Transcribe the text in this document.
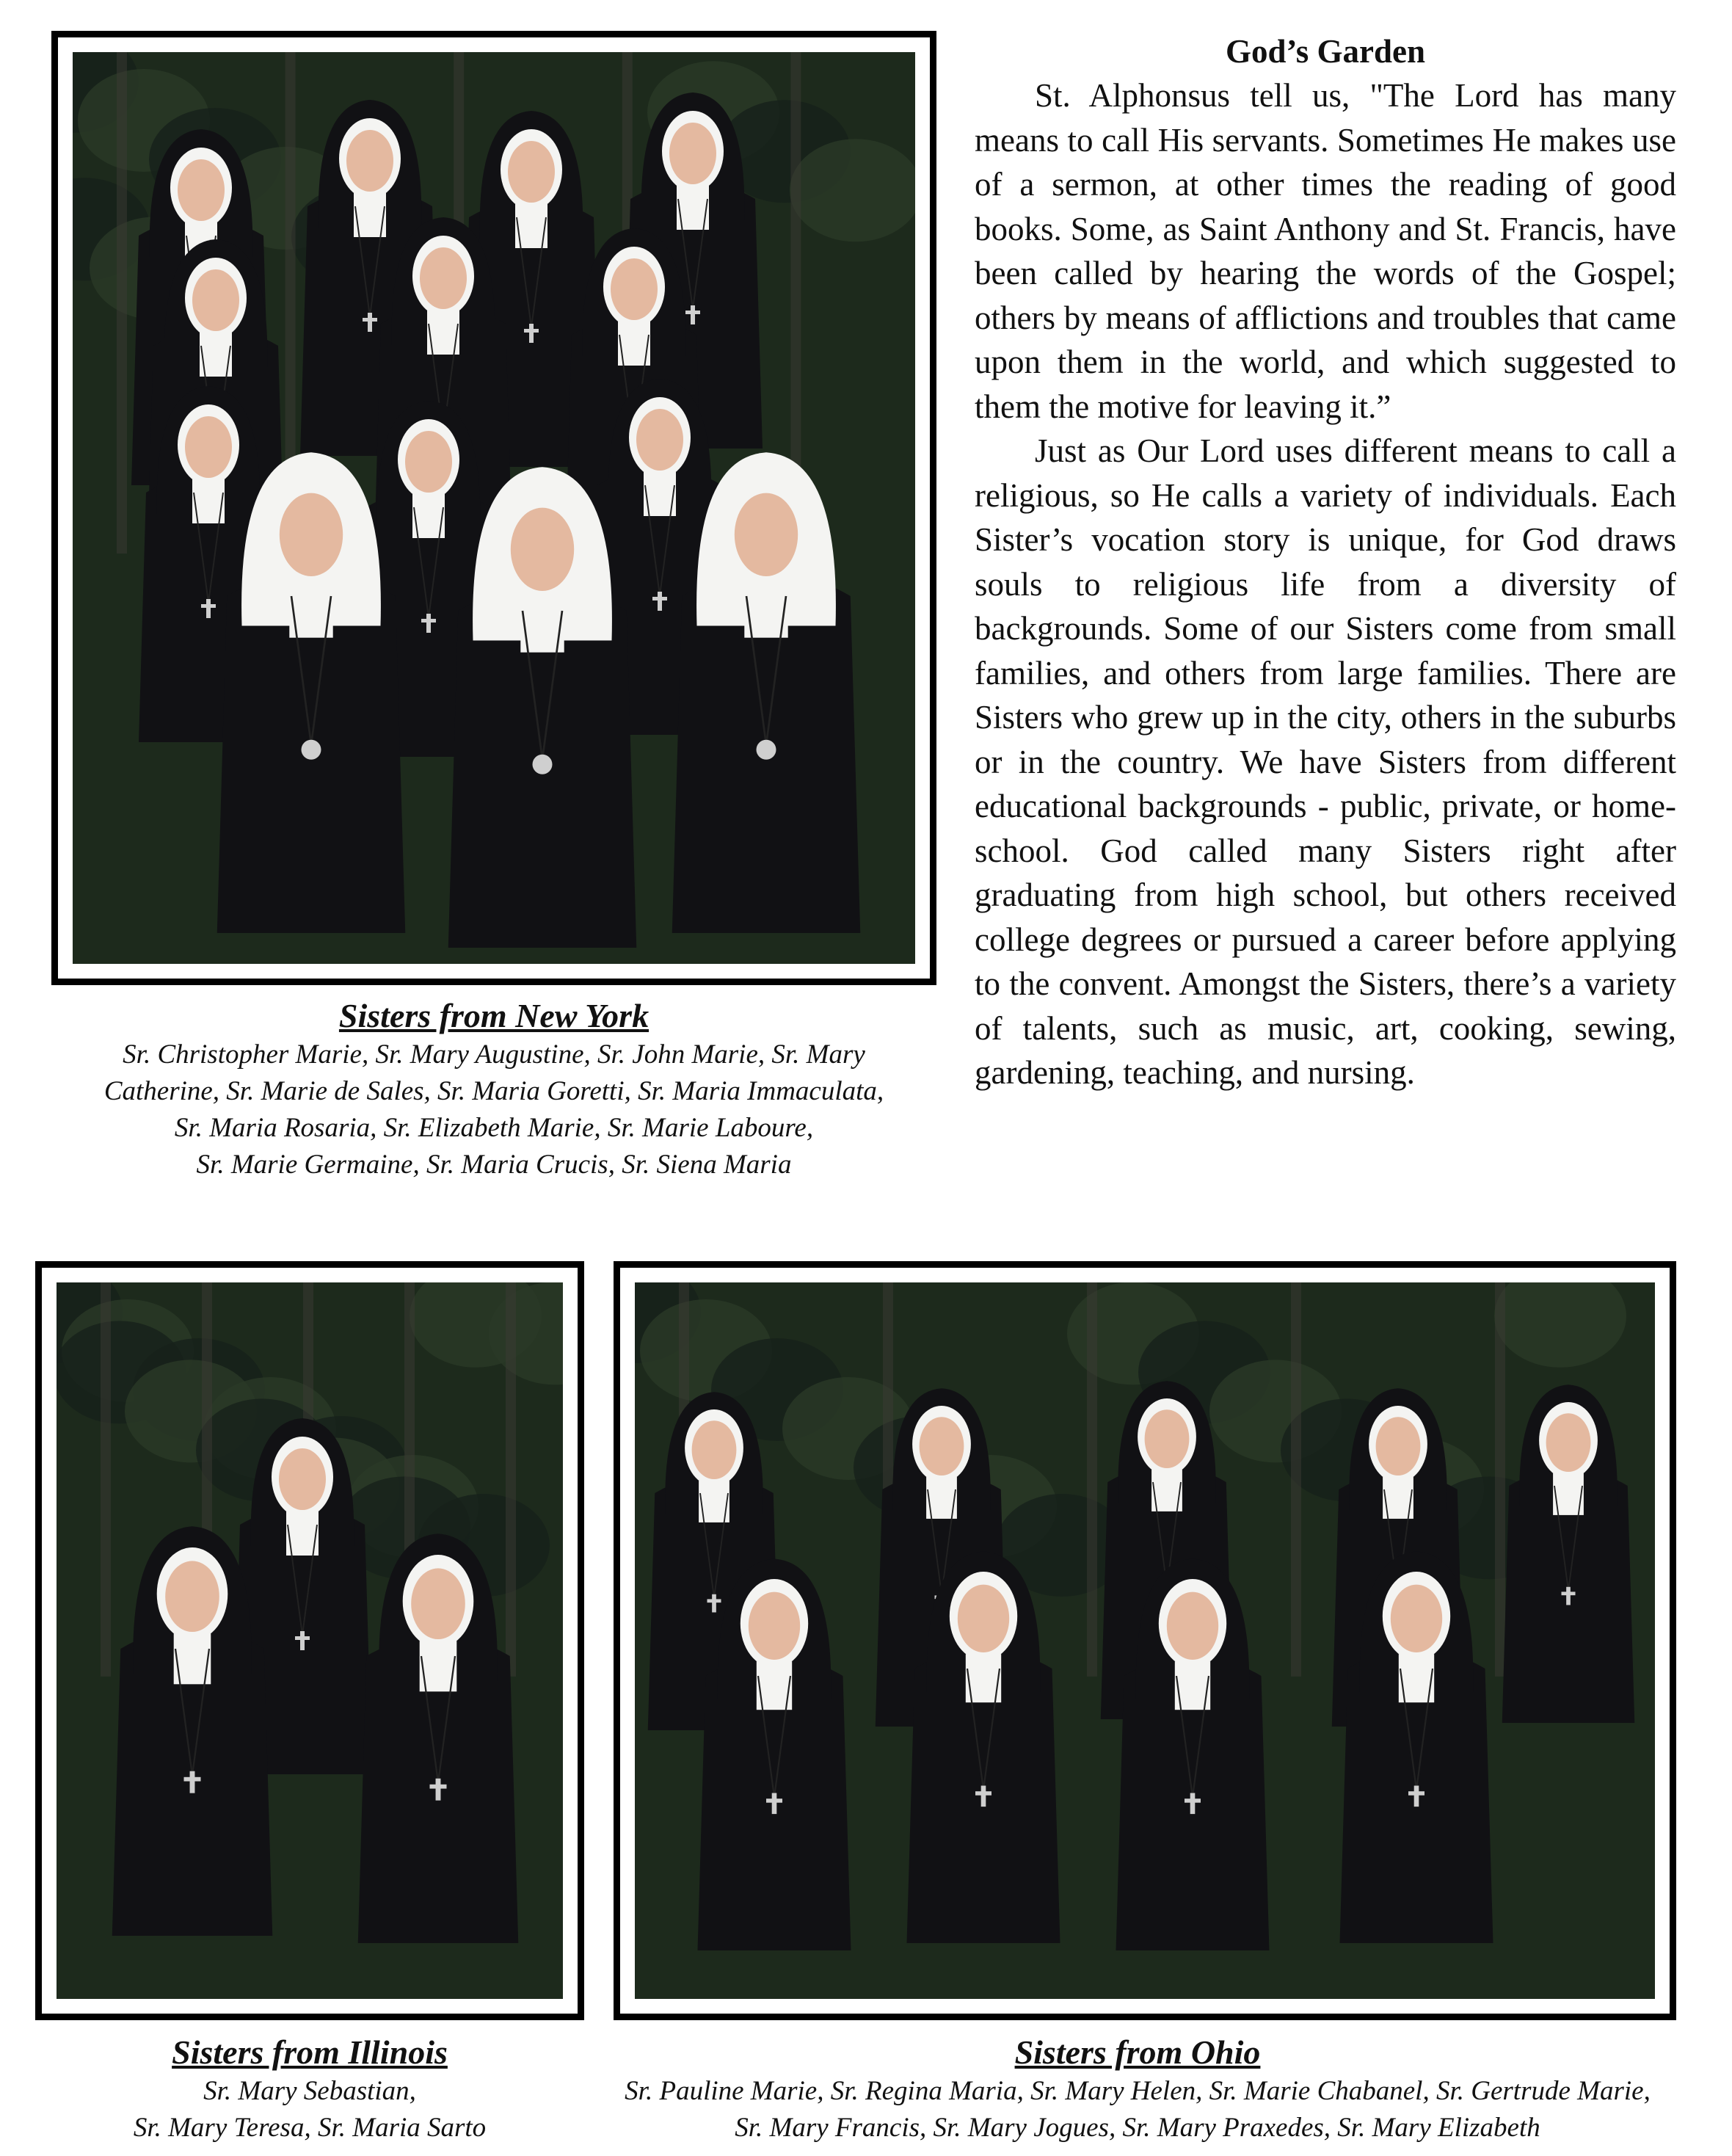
God’s Garden

St. Alphonsus tell us, "The Lord has many means to call His servants. Sometimes He makes use of a sermon, at other times the reading of good books. Some, as Saint Anthony and St. Francis, have been called by hearing the words of the Gospel; others by means of afflictions and troubles that came upon them in the world, and which suggested to them the motive for leaving it.”

Just as Our Lord uses different means to call a religious, so He calls a variety of individuals. Each Sister’s vocation story is unique, for God draws souls to religious life from a diversity of backgrounds. Some of our Sisters come from small families, and others from large families. There are Sisters who grew up in the city, others in the suburbs or in the country. We have Sisters from different educational backgrounds - public, private, or home-school. God called many Sisters right after graduating from high school, but others received college degrees or pursued a career before applying to the convent. Amongst the Sisters, there’s a variety of talents, such as music, art, cooking, sewing, gardening, teaching, and nursing.

Sisters from New York

Sr. Christopher Marie, Sr. Mary Augustine, Sr. John Marie, Sr. Mary

Catherine, Sr. Marie de Sales, Sr. Maria Goretti, Sr. Maria Immaculata,

Sr. Maria Rosaria, Sr. Elizabeth Marie, Sr. Marie Laboure,

Sr. Marie Germaine, Sr. Maria Crucis, Sr. Siena Maria

Sisters from Illinois

Sr. Mary Sebastian,

Sr. Mary Teresa, Sr. Maria Sarto

Sisters from Ohio

Sr. Pauline Marie, Sr. Regina Maria, Sr. Mary Helen, Sr. Marie Chabanel, Sr. Gertrude Marie,

Sr. Mary Francis, Sr. Mary Jogues, Sr. Mary Praxedes, Sr. Mary Elizabeth
